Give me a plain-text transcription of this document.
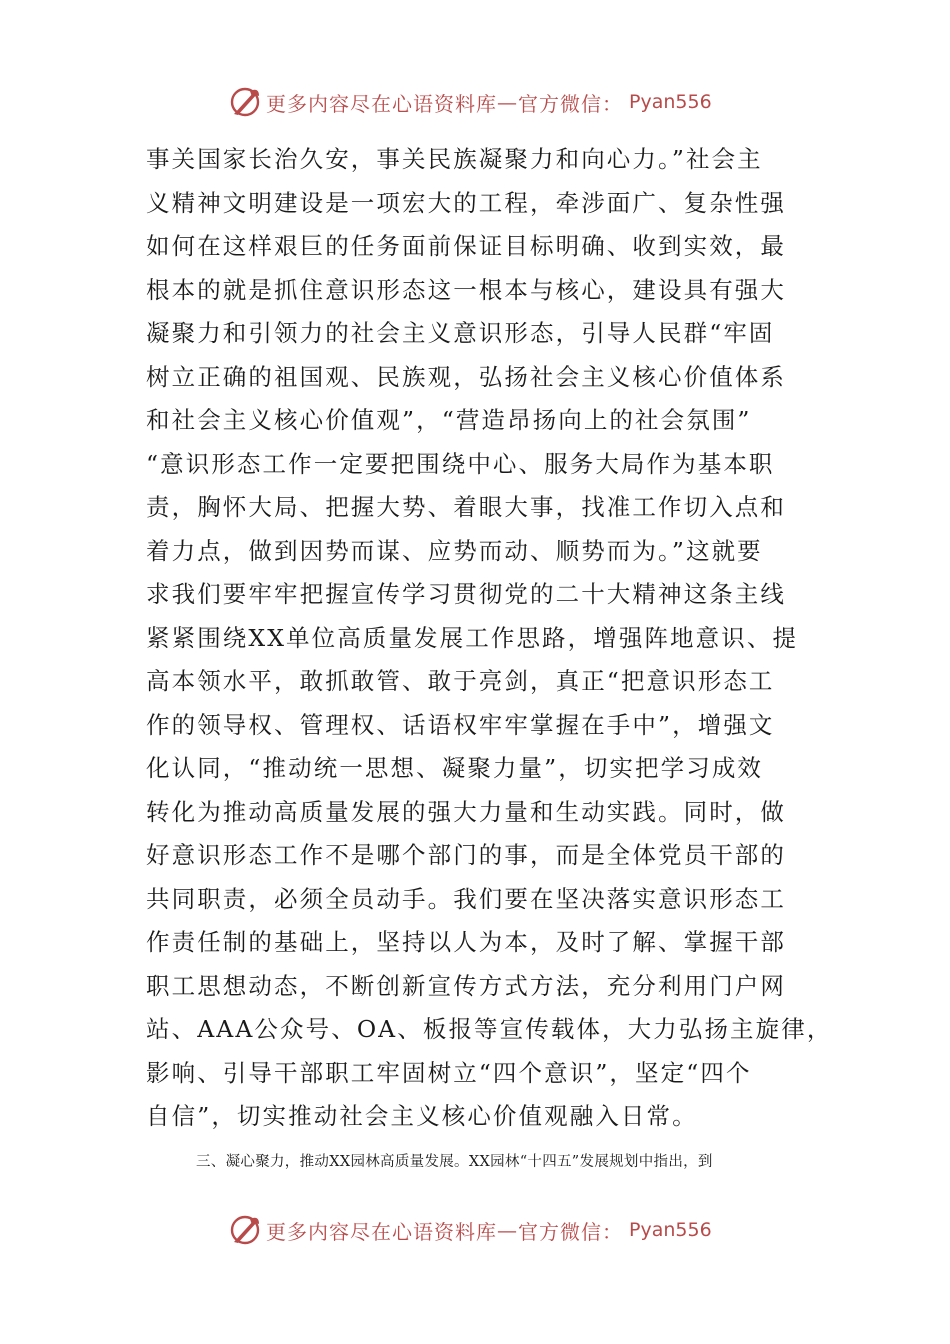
更多内容尽在心语资料库 — 官方微信： Pyan556
事关国家长治久安，事关民族凝聚力和向心力。”社会主
义精神文明建设是一项宏大的工程，牵涉面广、复杂性强
如何在这样艰巨的任务面前保证目标明确、收到实效，最
根本的就是抓住意识形态这一根本与核心，建设具有强大
凝聚力和引领力的社会主义意识形态，引导人民群“牢固
树立正确的祖国观、民族观，弘扬社会主义核心价值体系
和社会主义核心价值观”，“营造昂扬向上的社会氛围”
“意识形态工作一定要把围绕中心、服务大局作为基本职
责，胸怀大局、把握大势、着眼大事，找准工作切入点和
着力点，做到因势而谋、应势而动、顺势而为。”这就要
求我们要牢牢把握宣传学习贯彻党的二十大精神这条主线
紧紧围绕XX单位高质量发展工作思路，增强阵地意识、提
高本领水平，敢抓敢管、敢于亮剑，真正“把意识形态工
作的领导权、管理权、话语权牢牢掌握在手中”，增强文
化认同，“推动统一思想、凝聚力量”，切实把学习成效
转化为推动高质量发展的强大力量和生动实践。同时，做
好意识形态工作不是哪个部门的事，而是全体党员干部的
共同职责，必须全员动手。我们要在坚决落实意识形态工
作责任制的基础上，坚持以人为本，及时了解、掌握干部
职工思想动态，不断创新宣传方式方法，充分利用门户网
站、AAA公众号、OA、板报等宣传载体，大力弘扬主旋律，
影响、引导干部职工牢固树立“四个意识”，坚定“四个
自信”，切实推动社会主义核心价值观融入日常。
三、凝心聚力，推动XX园林高质量发展。XX园林“十四五”发展规划中指出，到
更多内容尽在心语资料库 — 官方微信： Pyan556
